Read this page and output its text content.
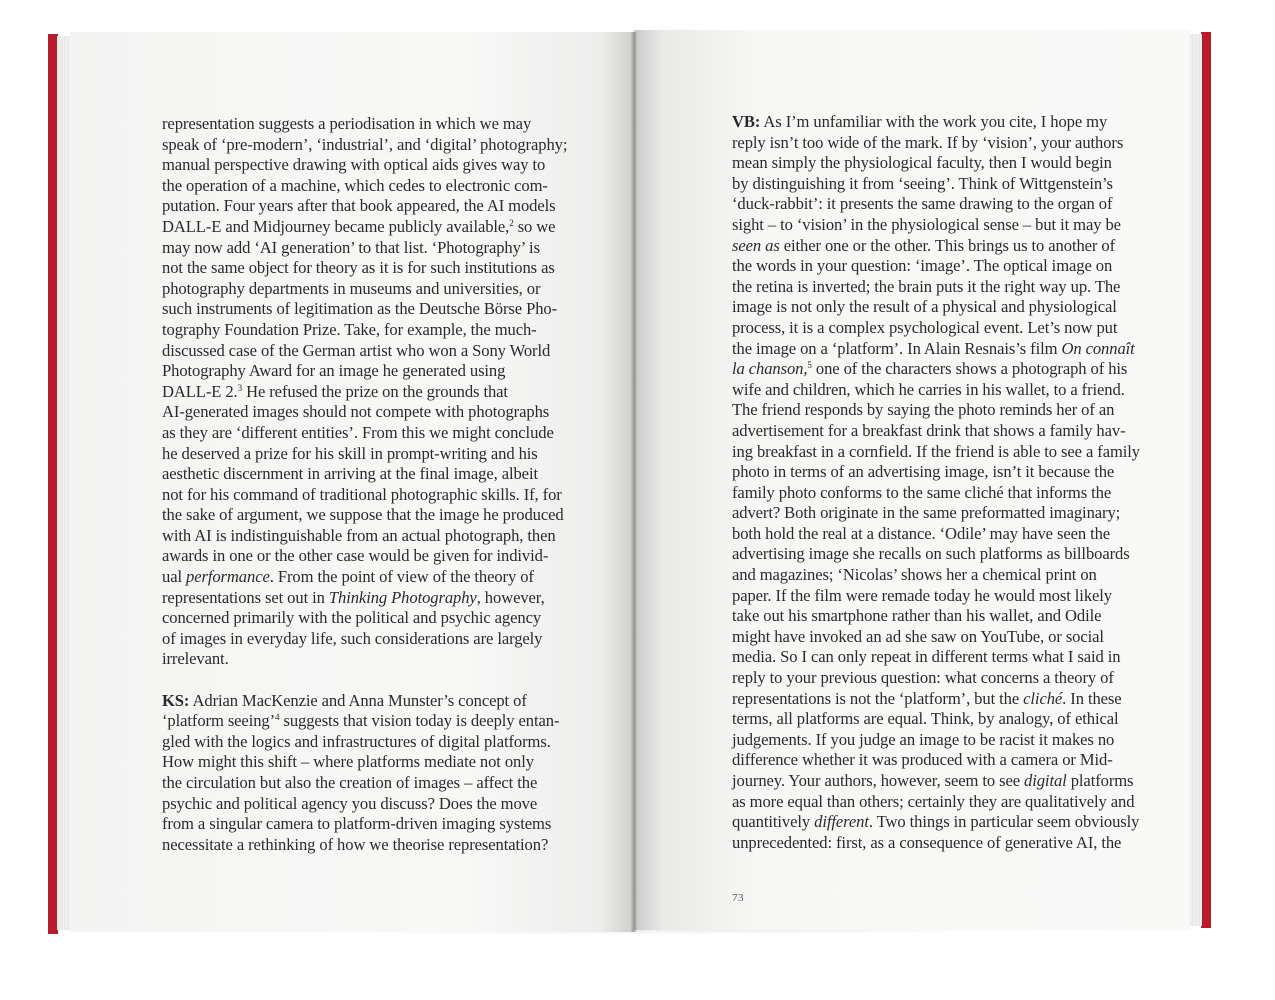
representation suggests a periodisation in which we may
speak of ‘pre-modern’, ‘industrial’, and ‘digital’ photography;
manual perspective drawing with optical aids gives way to
the operation of a machine, which cedes to electronic com-
putation. Four years after that book appeared, the AI models
DALL-E and Midjourney became publicly available,$^2$ so we
may now add ‘AI generation’ to that list. ‘Photography’ is
not the same object for theory as it is for such institutions as
photography departments in museums and universities, or
such instruments of legitimation as the Deutsche Börse Pho-
tography Foundation Prize. Take, for example, the much-
discussed case of the German artist who won a Sony World
Photography Award for an image he generated using
DALL-E 2.$^3$ He refused the prize on the grounds that
AI-generated images should not compete with photographs
as they are ‘different entities’. From this we might conclude
he deserved a prize for his skill in prompt-writing and his
aesthetic discernment in arriving at the final image, albeit
not for his command of traditional photographic skills. If, for
the sake of argument, we suppose that the image he produced
with AI is indistinguishable from an actual photograph, then
awards in one or the other case would be given for individ-
ual performance. From the point of view of the theory of
representations set out in Thinking Photography, however,
concerned primarily with the political and psychic agency
of images in everyday life, such considerations are largely
irrelevant.
KS: Adrian MacKenzie and Anna Munster’s concept of
‘platform seeing’$^4$ suggests that vision today is deeply entan-
gled with the logics and infrastructures of digital platforms.
How might this shift – where platforms mediate not only
the circulation but also the creation of images – affect the
psychic and political agency you discuss? Does the move
from a singular camera to platform-driven imaging systems
necessitate a rethinking of how we theorise representation?
VB: As I’m unfamiliar with the work you cite, I hope my
reply isn’t too wide of the mark. If by ‘vision’, your authors
mean simply the physiological faculty, then I would begin
by distinguishing it from ‘seeing’. Think of Wittgenstein’s
‘duck-rabbit’: it presents the same drawing to the organ of
sight – to ‘vision’ in the physiological sense – but it may be
seen as either one or the other. This brings us to another of
the words in your question: ‘image’. The optical image on
the retina is inverted; the brain puts it the right way up. The
image is not only the result of a physical and physiological
process, it is a complex psychological event. Let’s now put
the image on a ‘platform’. In Alain Resnais’s film On connaît
la chanson,$^5$ one of the characters shows a photograph of his
wife and children, which he carries in his wallet, to a friend.
The friend responds by saying the photo reminds her of an
advertisement for a breakfast drink that shows a family hav-
ing breakfast in a cornfield. If the friend is able to see a family
photo in terms of an advertising image, isn’t it because the
family photo conforms to the same cliché that informs the
advert? Both originate in the same preformatted imaginary;
both hold the real at a distance. ‘Odile’ may have seen the
advertising image she recalls on such platforms as billboards
and magazines; ‘Nicolas’ shows her a chemical print on
paper. If the film were remade today he would most likely
take out his smartphone rather than his wallet, and Odile
might have invoked an ad she saw on YouTube, or social
media. So I can only repeat in different terms what I said in
reply to your previous question: what concerns a theory of
representations is not the ‘platform’, but the cliché. In these
terms, all platforms are equal. Think, by analogy, of ethical
judgements. If you judge an image to be racist it makes no
difference whether it was produced with a camera or Mid-
journey. Your authors, however, seem to see digital platforms
as more equal than others; certainly they are qualitatively and
quantitively different. Two things in particular seem obviously
unprecedented: first, as a consequence of generative AI, the
73
